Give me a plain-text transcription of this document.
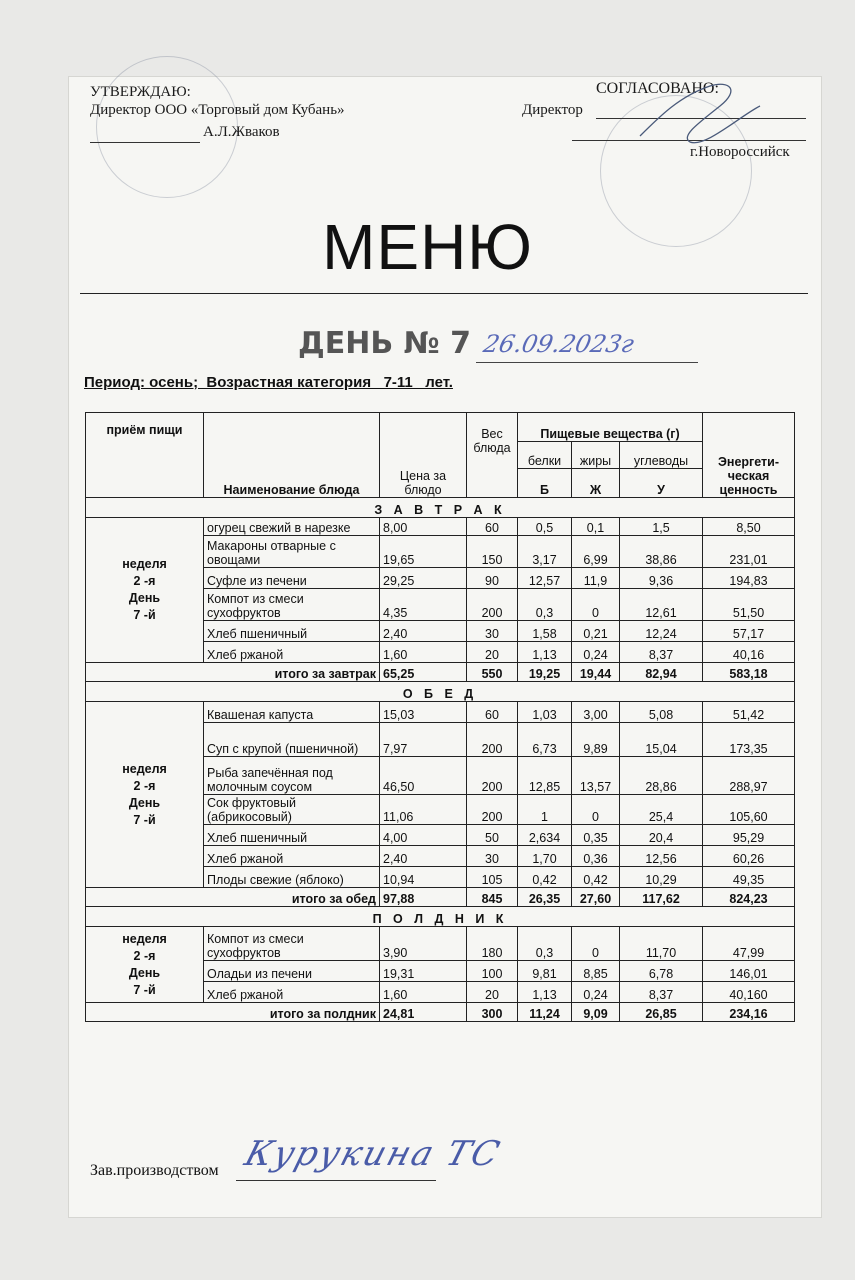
УТВЕРЖДАЮ:
Директор ООО «Торговый дом Кубань»
А.Л.Жваков
СОГЛАСОВАНО:
Директор
г.Новороссийск
МЕНЮ
ДЕНЬ № 7 26.09.2023г
Период: осень;  Возрастная категория   7-11   лет.
приём пищи	Наименование блюда	Цена за блюдо	Вес блюда	Пищевые вещества (г)			Энергети-ческая ценность
				белки	жиры	углеводы	
				Б	Ж	У	
З А В Т Р А К							

неделя
2 -я
День
7 -й	огурец свежий в нарезке	8,00	60	0,5	0,1	1,5	8,50
	Макароны отварные с овощами	19,65	150	3,17	6,99	38,86	231,01
	Суфле из печени	29,25	90	12,57	11,9	9,36	194,83
	Компот из смеси сухофруктов	4,35	200	0,3	0	12,61	51,50
	Хлеб пшеничный	2,40	30	1,58	0,21	12,24	57,17
	Хлеб ржаной	1,60	20	1,13	0,24	8,37	40,16
итого за завтрак		65,25	550	19,25	19,44	82,94	583,18
О Б Е Д							

неделя
2 -я
День
7 -й	Квашеная капуста	15,03	60	1,03	3,00	5,08	51,42
	Суп с крупой (пшеничной)	7,97	200	6,73	9,89	15,04	173,35
	Рыба запечённая под молочным соусом	46,50	200	12,85	13,57	28,86	288,97
	Сок фруктовый (абрикосовый)	11,06	200	1	0	25,4	105,60
	Хлеб пшеничный	4,00	50	2,634	0,35	20,4	95,29
	Хлеб ржаной	2,40	30	1,70	0,36	12,56	60,26
	Плоды свежие (яблоко)	10,94	105	0,42	0,42	10,29	49,35
итого за обед		97,88	845	26,35	27,60	117,62	824,23
П О Л Д Н И К							

неделя
2 -я
День
7 -й	Компот из смеси сухофруктов	3,90	180	0,3	0	11,70	47,99
	Оладьи из печени	19,31	100	9,81	8,85	6,78	146,01
	Хлеб ржаной	1,60	20	1,13	0,24	8,37	40,160
итого за полдник		24,81	300	11,24	9,09	26,85	234,16
Зав.производством Курукина ТС
